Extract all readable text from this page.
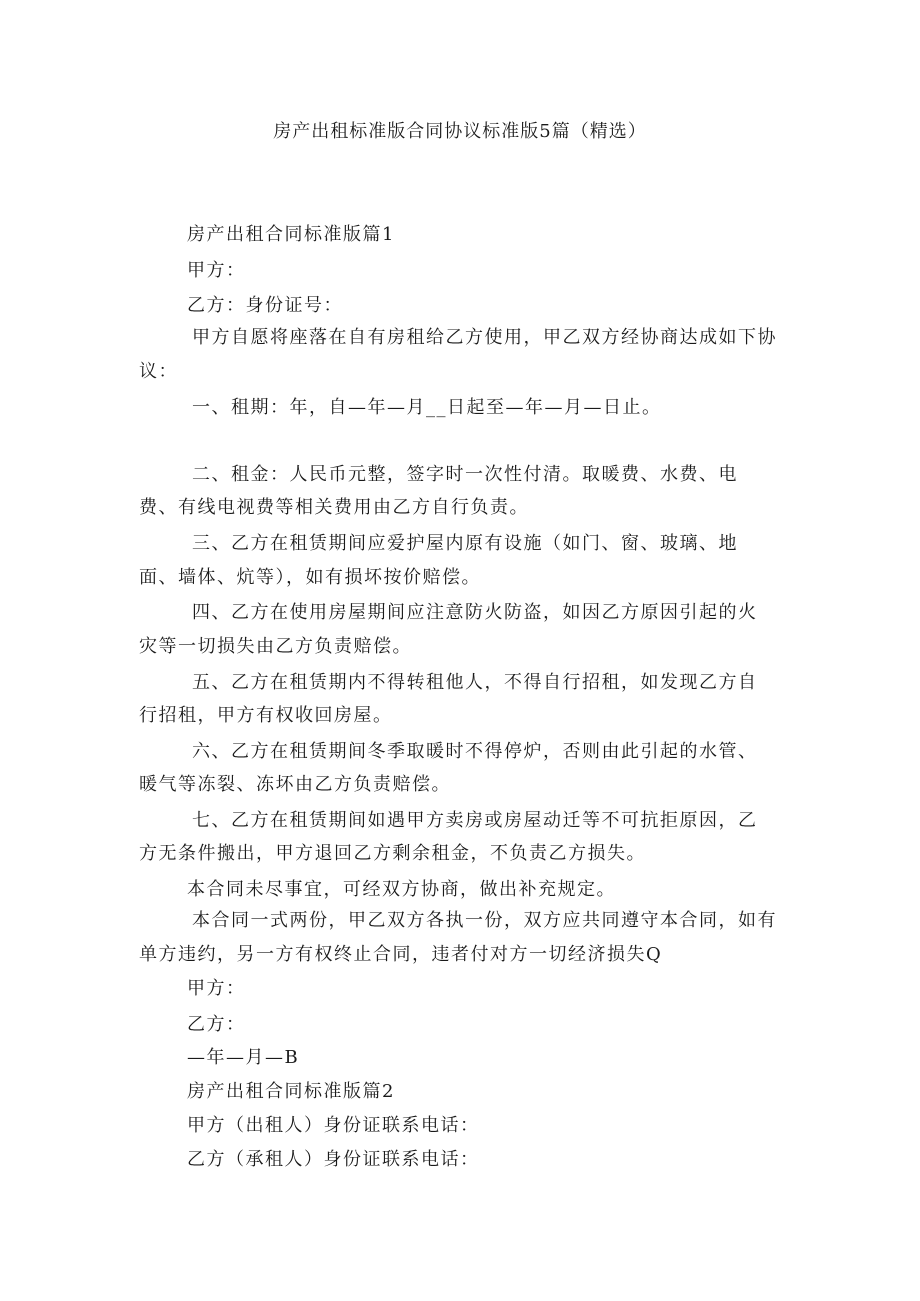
房产出租标准版合同协议标准版5篇（精选）
房产出租合同标准版篇1
甲方：
乙方：身份证号：
甲方自愿将座落在自有房租给乙方使用，甲乙双方经协商达成如下协
议：
一、租期：年，自—年—月__日起至—年—月—日止。
二、租金：人民币元整，签字时一次性付清。取暖费、水费、电
费、有线电视费等相关费用由乙方自行负责。
三、乙方在租赁期间应爱护屋内原有设施（如门、窗、玻璃、地
面、墙体、炕等），如有损坏按价赔偿。
四、乙方在使用房屋期间应注意防火防盗，如因乙方原因引起的火
灾等一切损失由乙方负责赔偿。
五、乙方在租赁期内不得转租他人，不得自行招租，如发现乙方自
行招租，甲方有权收回房屋。
六、乙方在租赁期间冬季取暖时不得停炉，否则由此引起的水管、
暖气等冻裂、冻坏由乙方负责赔偿。
七、乙方在租赁期间如遇甲方卖房或房屋动迁等不可抗拒原因，乙
方无条件搬出，甲方退回乙方剩余租金，不负责乙方损失。
本合同未尽事宜，可经双方协商，做出补充规定。
本合同一式两份，甲乙双方各执一份，双方应共同遵守本合同，如有
单方违约，另一方有权终止合同，违者付对方一切经济损失Q
甲方：
乙方：
—年—月—B
房产出租合同标准版篇2
甲方（出租人）身份证联系电话：
乙方（承租人）身份证联系电话：
